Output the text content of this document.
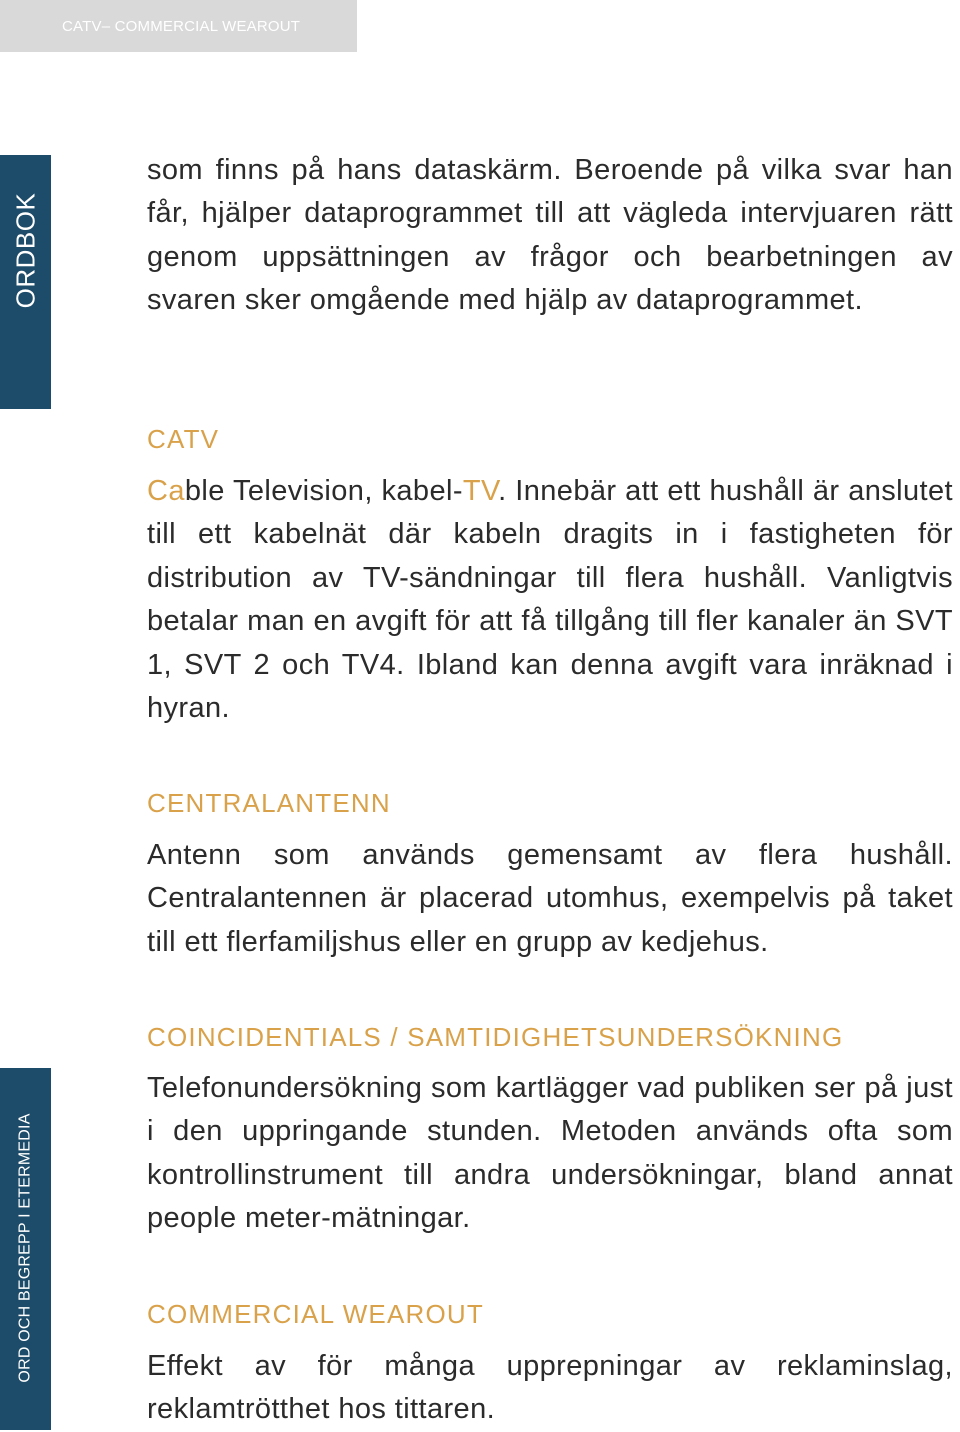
CATV– COMMERCIAL WEAROUT
ORDBOK
12
ORD OCH BEGREPP I ETERMEDIA

som finns på hans dataskärm. Beroende på vilka svar han får, hjälper dataprogrammet till att vägleda intervjuaren rätt genom uppsättningen av frågor och bearbetningen av svaren sker omgående med hjälp av dataprogrammet.

CATV

Cable Television, kabel-TV. Innebär att ett hushåll är anslutet till ett kabelnät där kabeln dragits in i fastigheten för distribution av TV-sändningar till flera hushåll. Vanligtvis betalar man en avgift för att få tillgång till fler kanaler än SVT 1, SVT 2 och TV4. Ibland kan denna avgift vara inräknad i hyran.

CENTRALANTENN

Antenn som används gemensamt av flera hushåll. Centralantennen är placerad utomhus, exempelvis på taket till ett flerfamiljshus eller en grupp av kedjehus.

COINCIDENTIALS / SAMTIDIGHETSUNDERSÖKNING

Telefonundersökning som kartlägger vad publiken ser på just i den uppringande stunden. Metoden används ofta som kontrollinstrument till andra undersökningar, bland annat people meter-mätningar.

COMMERCIAL WEAROUT

Effekt av för många upprepningar av reklaminslag, reklamtrötthet hos tittaren.
